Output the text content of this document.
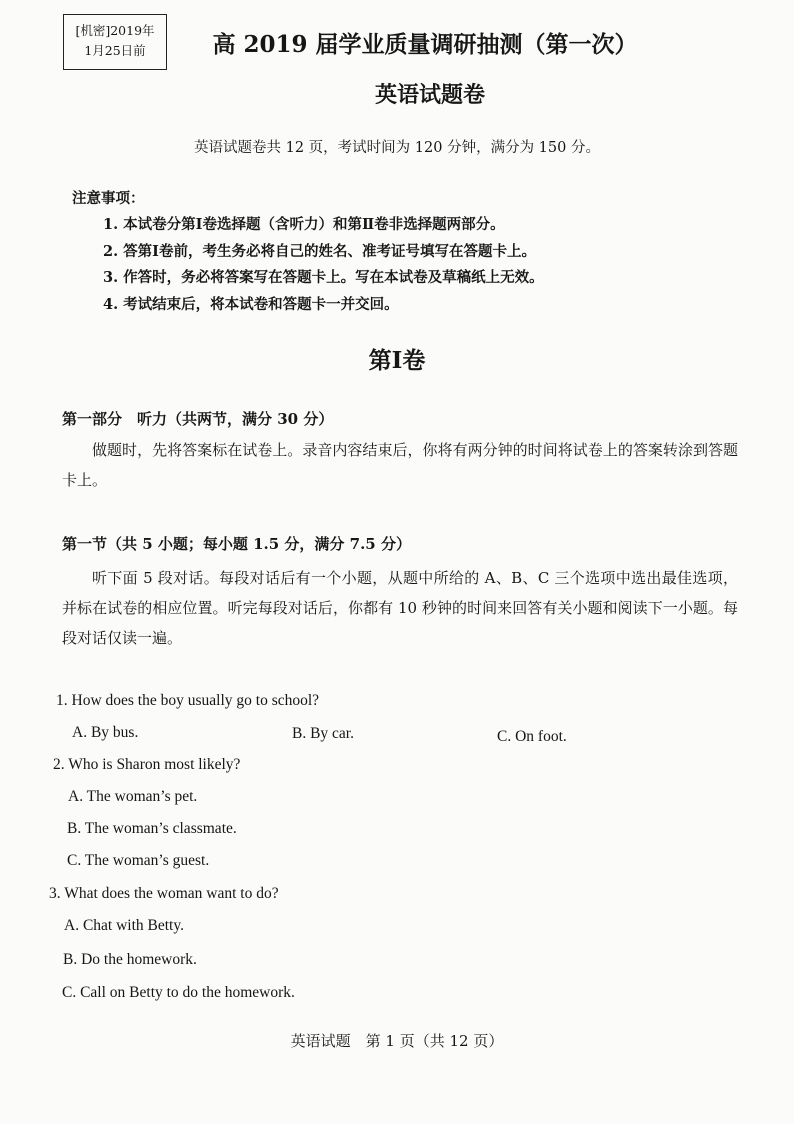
[机密]2019年
1月25日前	高 2019 届学业质量调研抽测（第一次）
英语试题卷
英语试题卷共 12 页，考试时间为 120 分钟，满分为 150 分。
注意事项：
1. 本试卷分第Ⅰ卷选择题（含听力）和第Ⅱ卷非选择题两部分。
2. 答第Ⅰ卷前，考生务必将自己的姓名、准考证号填写在答题卡上。
3. 作答时，务必将答案写在答题卡上。写在本试卷及草稿纸上无效。
4. 考试结束后，将本试卷和答题卡一并交回。
第Ⅰ卷
第一部分　听力（共两节，满分 30 分）

做题时，先将答案标在试卷上。录音内容结束后，你将有两分钟的时间将试卷上的答案转涂到答题卡上。

第一节（共 5 小题；每小题 1.5 分，满分 7.5 分）

听下面 5 段对话。每段对话后有一个小题，从题中所给的 A、B、C 三个选项中选出最佳选项，并标在试卷的相应位置。听完每段对话后，你都有 10 秒钟的时间来回答有关小题和阅读下一小题。每段对话仅读一遍。

1. How does the boy usually go to school?
A. By bus.	B. By car.	C. On foot.
2. Who is Sharon most likely?
A. The woman’s pet.
B. The woman’s classmate.
C. The woman’s guest.
3. What does the woman want to do?
A. Chat with Betty.
B. Do the homework.
C. Call on Betty to do the homework.
英语试题　第 1 页（共 12 页）
